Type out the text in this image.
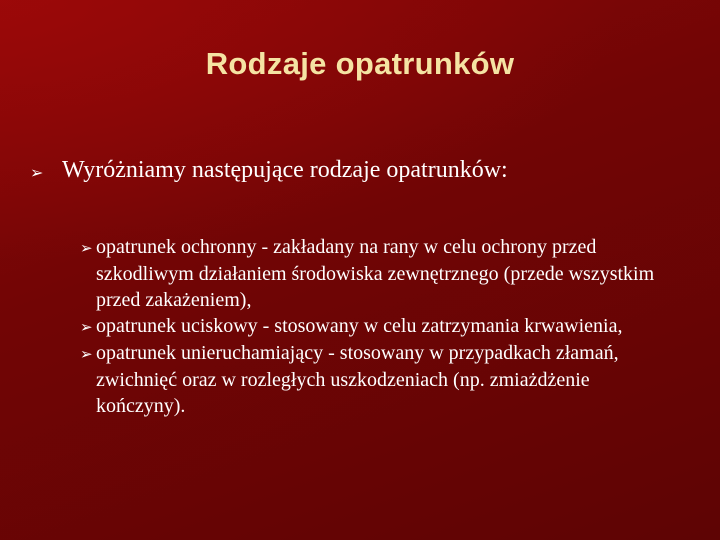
Rodzaje opatrunków
➢ Wyróżniamy następujące rodzaje opatrunków:
➢ opatrunek ochronny - zakładany na rany w celu ochrony przed szkodliwym działaniem środowiska zewnętrznego (przede wszystkim przed zakażeniem),
➢ opatrunek uciskowy - stosowany w celu zatrzymania krwawienia,
➢ opatrunek unieruchamiający - stosowany w przypadkach złamań, zwichnięć oraz w rozległych uszkodzeniach (np. zmiażdżenie kończyny).
